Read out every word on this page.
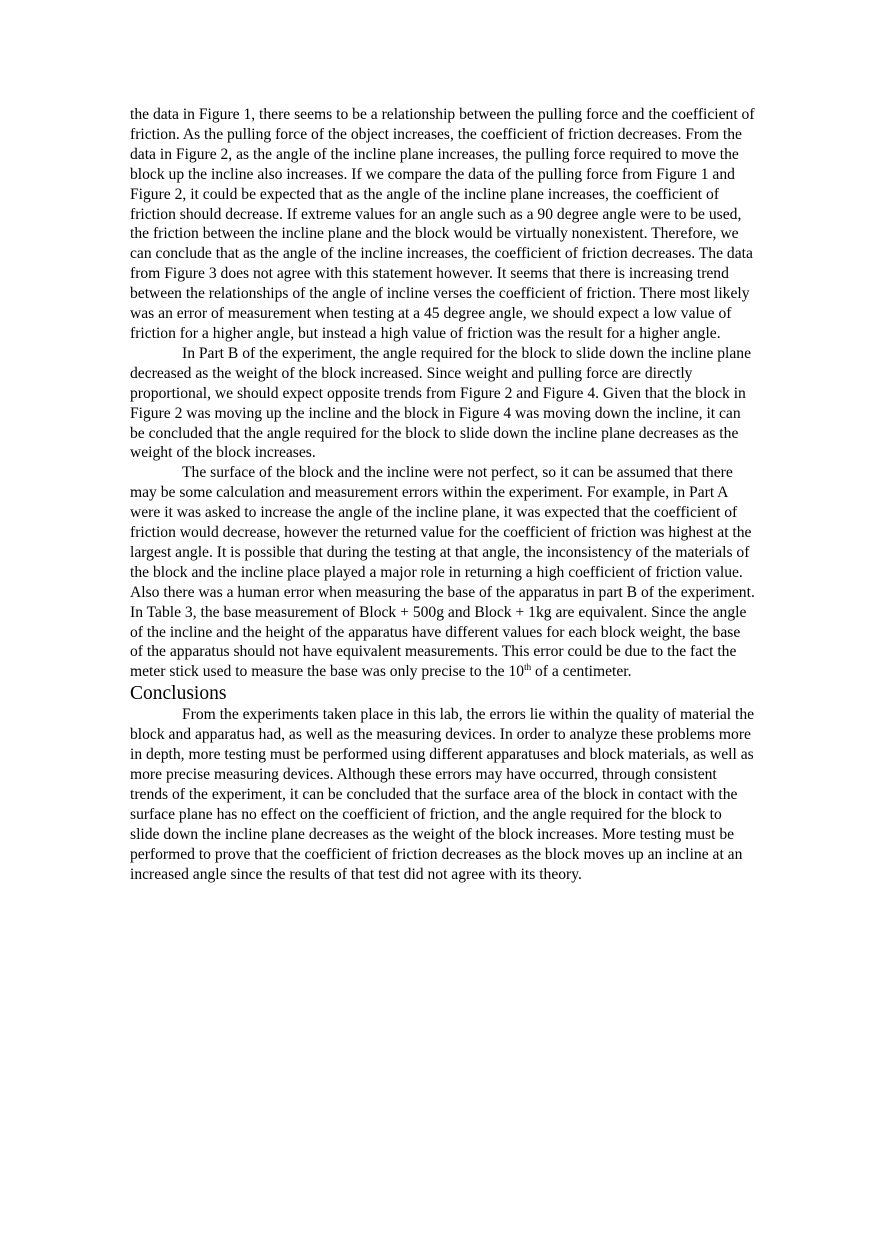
the data in Figure 1, there seems to be a relationship between the pulling force and the coefficient of friction. As the pulling force of the object increases, the coefficient of friction decreases. From the data in Figure 2, as the angle of the incline plane increases, the pulling force required to move the block up the incline also increases. If we compare the data of the pulling force from Figure 1 and Figure 2, it could be expected that as the angle of the incline plane increases, the coefficient of friction should decrease. If extreme values for an angle such as a 90 degree angle were to be used, the friction between the incline plane and the block would be virtually nonexistent. Therefore, we can conclude that as the angle of the incline increases, the coefficient of friction decreases. The data from Figure 3 does not agree with this statement however. It seems that there is increasing trend between the relationships of the angle of incline verses the coefficient of friction. There most likely was an error of measurement when testing at a 45 degree angle, we should expect a low value of friction for a higher angle, but instead a high value of friction was the result for a higher angle.

In Part B of the experiment, the angle required for the block to slide down the incline plane decreased as the weight of the block increased. Since weight and pulling force are directly proportional, we should expect opposite trends from Figure 2 and Figure 4. Given that the block in Figure 2 was moving up the incline and the block in Figure 4 was moving down the incline, it can be concluded that the angle required for the block to slide down the incline plane decreases as the weight of the block increases.

The surface of the block and the incline were not perfect, so it can be assumed that there may be some calculation and measurement errors within the experiment. For example, in Part A were it was asked to increase the angle of the incline plane, it was expected that the coefficient of friction would decrease, however the returned value for the coefficient of friction was highest at the largest angle. It is possible that during the testing at that angle, the inconsistency of the materials of the block and the incline place played a major role in returning a high coefficient of friction value. Also there was a human error when measuring the base of the apparatus in part B of the experiment. In Table 3, the base measurement of Block + 500g and Block + 1kg are equivalent. Since the angle of the incline and the height of the apparatus have different values for each block weight, the base of the apparatus should not have equivalent measurements. This error could be due to the fact the meter stick used to measure the base was only precise to the 10th of a centimeter.

Conclusions

From the experiments taken place in this lab, the errors lie within the quality of material the block and apparatus had, as well as the measuring devices. In order to analyze these problems more in depth, more testing must be performed using different apparatuses and block materials, as well as more precise measuring devices. Although these errors may have occurred, through consistent trends of the experiment, it can be concluded that the surface area of the block in contact with the surface plane has no effect on the coefficient of friction, and the angle required for the block to slide down the incline plane decreases as the weight of the block increases. More testing must be performed to prove that the coefficient of friction decreases as the block moves up an incline at an increased angle since the results of that test did not agree with its theory.
